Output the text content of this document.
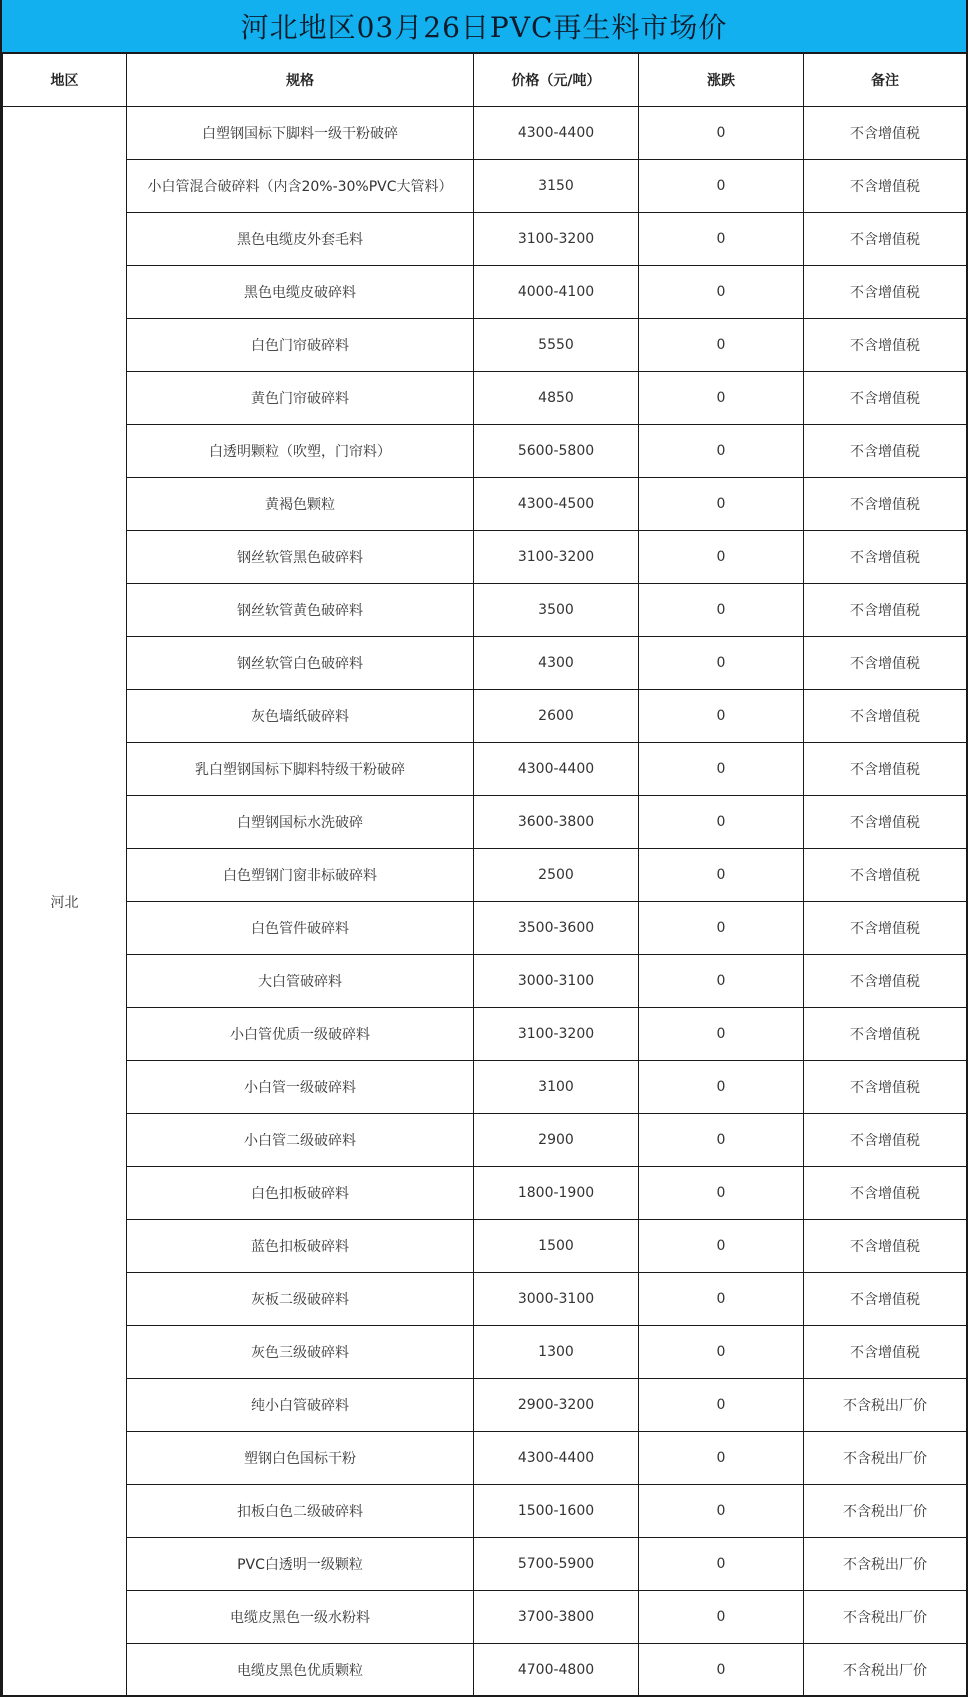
河北地区03月26日PVC再生料市场价
地区	规格	价格（元/吨）	涨跌	备注
河北	白塑钢国标下脚料一级干粉破碎	4300-4400	0	不含增值税
	小白管混合破碎料（内含20%-30%PVC大管料）	3150	0	不含增值税
	黑色电缆皮外套毛料	3100-3200	0	不含增值税
	黑色电缆皮破碎料	4000-4100	0	不含增值税
	白色门帘破碎料	5550	0	不含增值税
	黄色门帘破碎料	4850	0	不含增值税
	白透明颗粒（吹塑，门帘料）	5600-5800	0	不含增值税
	黄褐色颗粒	4300-4500	0	不含增值税
	钢丝软管黑色破碎料	3100-3200	0	不含增值税
	钢丝软管黄色破碎料	3500	0	不含增值税
	钢丝软管白色破碎料	4300	0	不含增值税
	灰色墙纸破碎料	2600	0	不含增值税
	乳白塑钢国标下脚料特级干粉破碎	4300-4400	0	不含增值税
	白塑钢国标水洗破碎	3600-3800	0	不含增值税
	白色塑钢门窗非标破碎料	2500	0	不含增值税
	白色管件破碎料	3500-3600	0	不含增值税
	大白管破碎料	3000-3100	0	不含增值税
	小白管优质一级破碎料	3100-3200	0	不含增值税
	小白管一级破碎料	3100	0	不含增值税
	小白管二级破碎料	2900	0	不含增值税
	白色扣板破碎料	1800-1900	0	不含增值税
	蓝色扣板破碎料	1500	0	不含增值税
	灰板二级破碎料	3000-3100	0	不含增值税
	灰色三级破碎料	1300	0	不含增值税
	纯小白管破碎料	2900-3200	0	不含税出厂价
	塑钢白色国标干粉	4300-4400	0	不含税出厂价
	扣板白色二级破碎料	1500-1600	0	不含税出厂价
	PVC白透明一级颗粒	5700-5900	0	不含税出厂价
	电缆皮黑色一级水粉料	3700-3800	0	不含税出厂价
	电缆皮黑色优质颗粒	4700-4800	0	不含税出厂价
